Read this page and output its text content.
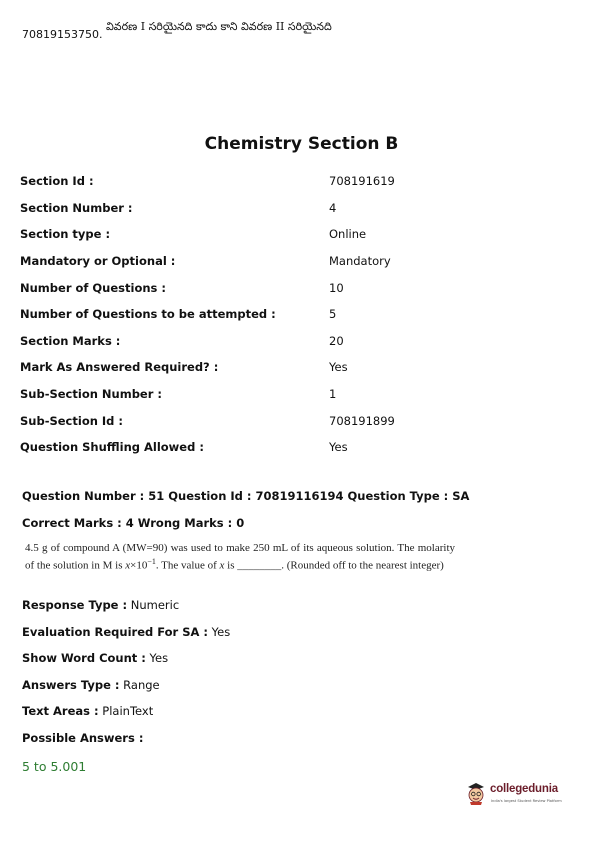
70819153750. వివరణ I సరియైనది కాదు కాని వివరణ II సరియైనది
Chemistry Section B
Section Id :	708191619
Section Number :	4
Section type :	Online
Mandatory or Optional :	Mandatory
Number of Questions :	10
Number of Questions to be attempted :	5
Section Marks :	20
Mark As Answered Required? :	Yes
Sub-Section Number :	1
Sub-Section Id :	708191899
Question Shuffling Allowed :	Yes
Question Number : 51 Question Id : 70819116194 Question Type : SA
Correct Marks : 4 Wrong Marks : 0
4.5 g of compound A (MW=90) was used to make 250 mL of its aqueous solution. The molarity of the solution in M is $x\times 10^{-1}$. The value of x is ________. (Rounded off to the nearest integer)
Response Type : Numeric
Evaluation Required For SA : Yes
Show Word Count : Yes
Answers Type : Range
Text Areas : PlainText
Possible Answers :
5 to 5.001
collegedunia
India's largest Student Review Platform
